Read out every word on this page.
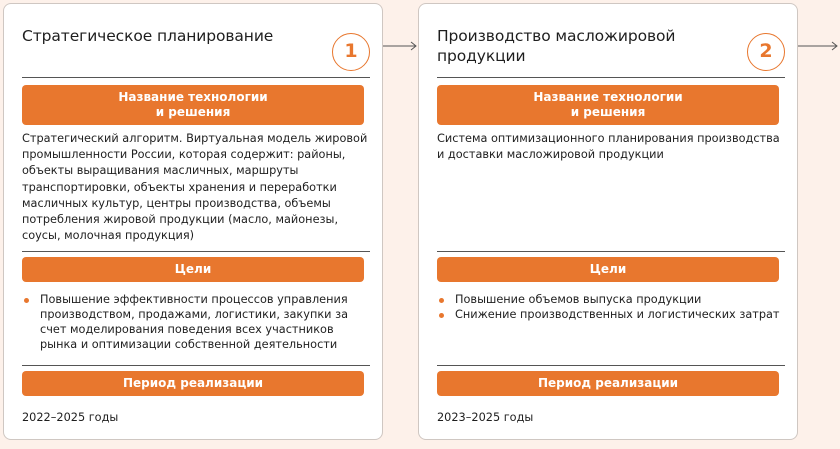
Стратегическое планирование
1
Название технологии
и решения

Стратегический алгоритм. Виртуальная модель жировой промышленности России, которая содержит: районы, объекты выращивания масличных, маршруты транспортировки, объекты хранения и переработки масличных культур, центры производства, объемы потребления жировой продукции (масло, майонезы, соусы, молочная продукция)

Цели
Повышение эффективности процессов управления производством, продажами, логистики, закупки за счет моделирования поведения всех участников рынка и оптимизации собственной деятельности
Период реализации

2022–2025 годы

Производство масложировой продукции	2
Название технологии
и решения

Система оптимизационного планирования производства и доставки масложировой продукции

Цели
Повышение объемов выпуска продукции
Снижение производственных и логистических затрат
Период реализации

2023–2025 годы
